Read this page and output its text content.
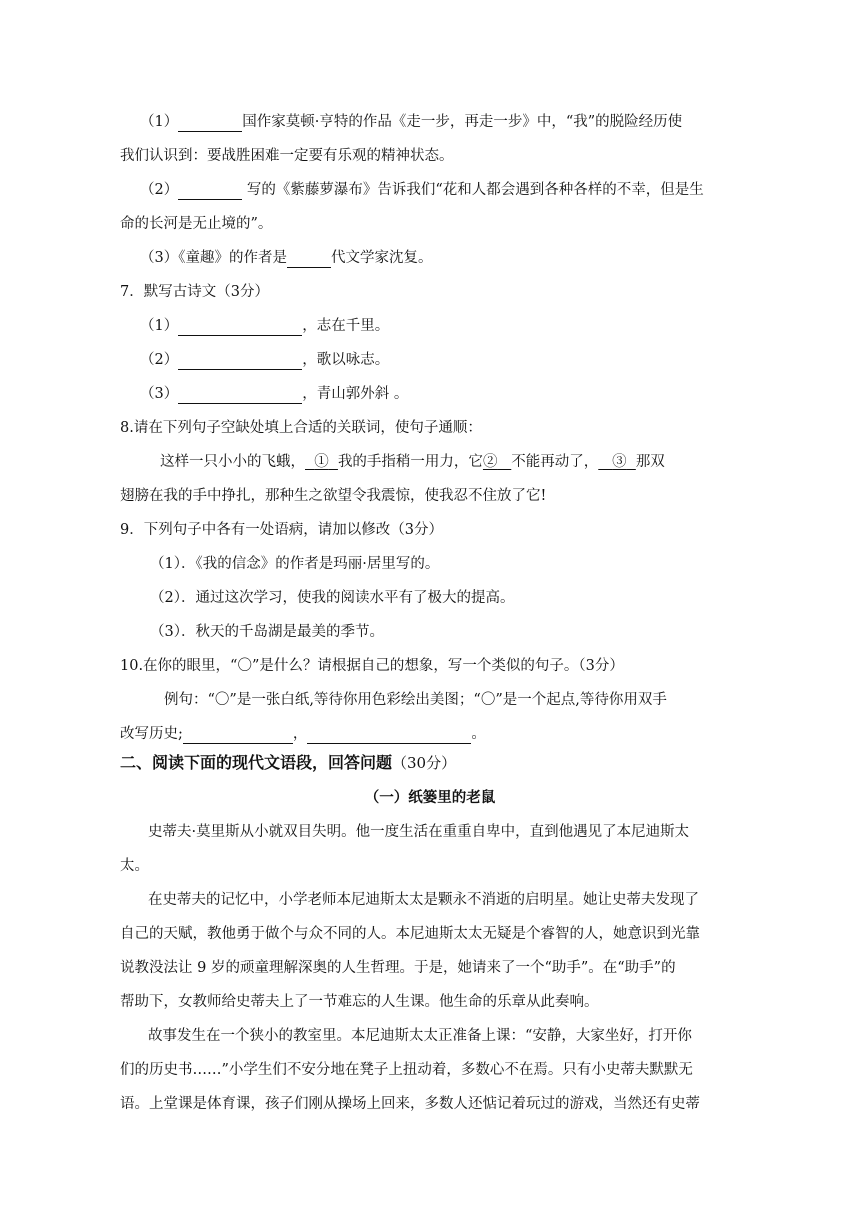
（1）	国作家莫顿·亨特的作品《走一步，再走一步》中，“我”的脱险经历使
我们认识到：要战胜困难一定要有乐观的精神状态。
（2）	写的《紫藤萝瀑布》告诉我们“花和人都会遇到各种各样的不幸，但是生
命的长河是无止境的”。
（3）《童趣》的作者是	代文学家沈复。
7．默写古诗文（3分）
（1）	，志在千里。
（2）	，歌以咏志。
（3）	，青山郭外斜 。
8.请在下列句子空缺处填上合适的关联词，使句子通顺：
这样一只小小的飞蛾， ① 我的手指稍一用力，它② 不能再动了， ③ 那双
翅膀在我的手中挣扎，那种生之欲望令我震惊，使我忍不住放了它!
9．下列句子中各有一处语病，请加以修改（3分）
（1）．《我的信念》的作者是玛丽·居里写的。
（2）．通过这次学习，使我的阅读水平有了极大的提高。
（3）．秋天的千岛湖是最美的季节。
10.在你的眼里，“〇”是什么？请根据自己的想象，写一个类似的句子。（3分）
例句：“〇”是一张白纸,等待你用色彩绘出美图；“〇”是一个起点,等待你用双手
改写历史;	，	。
二、阅读下面的现代文语段，回答问题（30分）
（一）纸篓里的老鼠
史蒂夫·莫里斯从小就双目失明。他一度生活在重重自卑中，直到他遇见了本尼迪斯太
太。
在史蒂夫的记忆中，小学老师本尼迪斯太太是颗永不消逝的启明星。她让史蒂夫发现了
自己的天赋，教他勇于做个与众不同的人。本尼迪斯太太无疑是个睿智的人，她意识到光靠
说教没法让 9 岁的顽童理解深奥的人生哲理。于是，她请来了一个“助手”。在“助手”的
帮助下，女教师给史蒂夫上了一节难忘的人生课。他生命的乐章从此奏响。
故事发生在一个狭小的教室里。本尼迪斯太太正准备上课：“安静，大家坐好，打开你
们的历史书……”小学生们不安分地在凳子上扭动着，多数心不在焉。只有小史蒂夫默默无
语。上堂课是体育课，孩子们刚从操场上回来，多数人还惦记着玩过的游戏，当然还有史蒂
